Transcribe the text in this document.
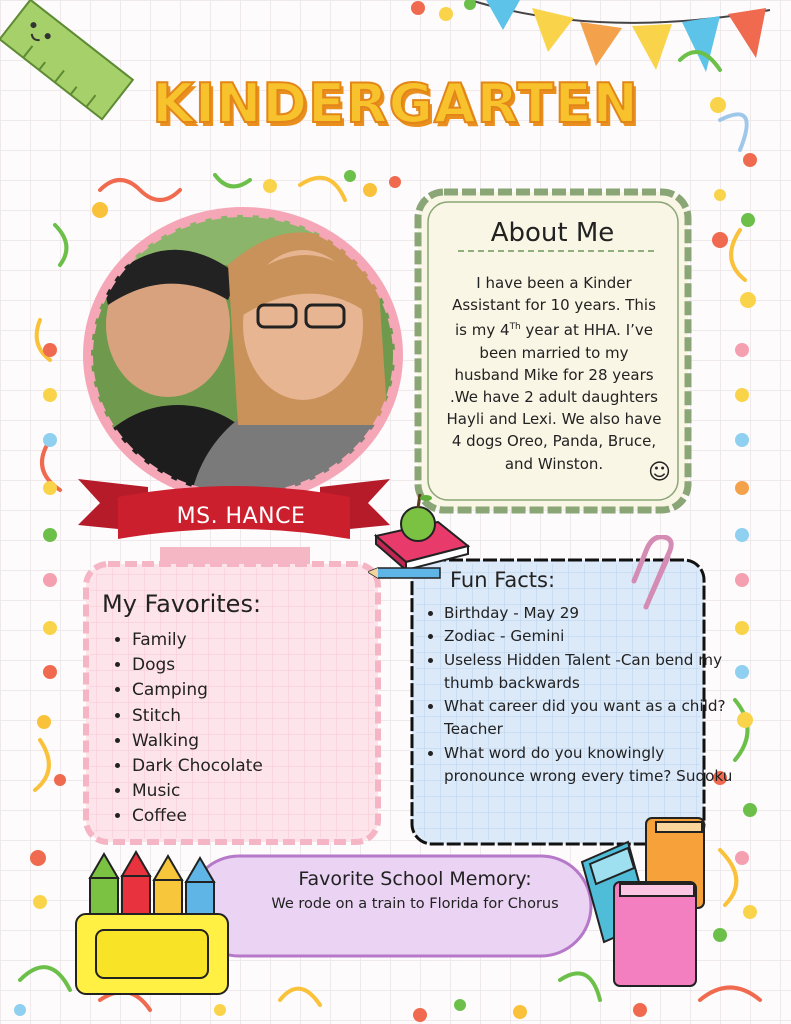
KINDERGARTEN
About Me
I have been a Kinder Assistant for 10 years. This is my 4Th year at HHA. I’ve been married to my husband Mike for 28 years .We have 2 adult daughters Hayli and Lexi. We also have 4 dogs Oreo, Panda, Bruce, and Winston.	☺
MS. HANCE
My Favorites:
• Family
• Dogs
• Camping
• Stitch
• Walking
• Dark Chocolate
• Music
• Coffee
Fun Facts:
• Birthday - May 29
• Zodiac - Gemini
• Useless Hidden Talent -Can bend my thumb backwards
• What career did you want as a child? Teacher
• What word do you knowingly pronounce wrong every time? Sudoku
Favorite School Memory:
We rode on a train to Florida for Chorus
